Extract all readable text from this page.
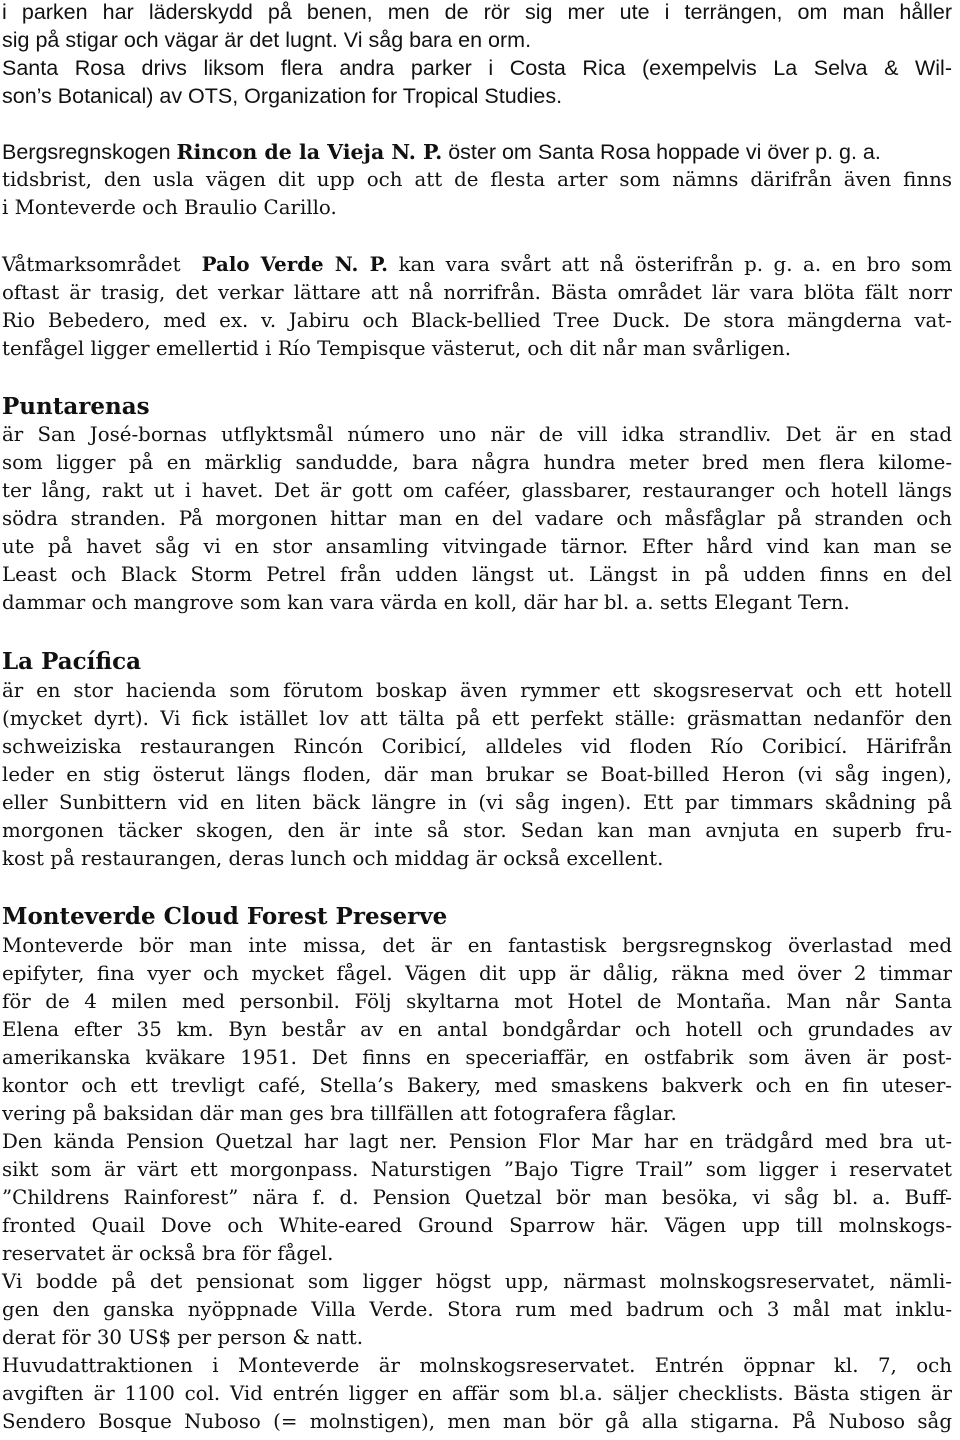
i parken har läderskydd på benen, men de rör sig mer ute i terrängen, om man håller
sig på stigar och vägar är det lugnt. Vi såg bara en orm.
Santa Rosa drivs liksom flera andra parker i Costa Rica (exempelvis La Selva & Wil-
son’s Botanical) av OTS, Organization for Tropical Studies.
Bergsregnskogen Rincon de la Vieja N. P. öster om Santa Rosa hoppade vi över p. g. a.
tidsbrist, den usla vägen dit upp och att de flesta arter som nämns därifrån även finns
i Monteverde och Braulio Carillo.
Våtmarksområdet  Palo Verde N. P. kan vara svårt att nå österifrån p. g. a. en bro som
oftast är trasig, det verkar lättare att nå norrifrån. Bästa området lär vara blöta fält norr
Rio Bebedero, med ex. v. Jabiru och Black-bellied Tree Duck. De stora mängderna vat-
tenfågel ligger emellertid i Río Tempisque västerut, och dit når man svårligen.
Puntarenas
är San José-bornas utflyktsmål número uno när de vill idka strandliv. Det är en stad
som ligger på en märklig sandudde, bara några hundra meter bred men flera kilome-
ter lång, rakt ut i havet. Det är gott om caféer, glassbarer, restauranger och hotell längs
södra stranden. På morgonen hittar man en del vadare och måsfåglar på stranden och
ute på havet såg vi en stor ansamling vitvingade tärnor. Efter hård vind kan man se
Least och Black Storm Petrel från udden längst ut. Längst in på udden finns en del
dammar och mangrove som kan vara värda en koll, där har bl. a. setts Elegant Tern.
La Pacífica
är en stor hacienda som förutom boskap även rymmer ett skogsreservat och ett hotell
(mycket dyrt). Vi fick istället lov att tälta på ett perfekt ställe: gräsmattan nedanför den
schweiziska restaurangen Rincón Coribicí, alldeles vid floden Río Coribicí. Härifrån
leder en stig österut längs floden, där man brukar se Boat-billed Heron (vi såg ingen),
eller Sunbittern vid en liten bäck längre in (vi såg ingen). Ett par timmars skådning på
morgonen täcker skogen, den är inte så stor. Sedan kan man avnjuta en superb fru-
kost på restaurangen, deras lunch och middag är också excellent.
Monteverde Cloud Forest Preserve
Monteverde bör man inte missa, det är en fantastisk bergsregnskog överlastad med
epifyter, fina vyer och mycket fågel. Vägen dit upp är dålig, räkna med över 2 timmar
för de 4 milen med personbil. Följ skyltarna mot Hotel de Montaña. Man når Santa
Elena efter 35 km. Byn består av en antal bondgårdar och hotell och grundades av
amerikanska kväkare 1951. Det finns en speceriaffär, en ostfabrik som även är post-
kontor och ett trevligt café, Stella’s Bakery, med smaskens bakverk och en fin uteser-
vering på baksidan där man ges bra tillfällen att fotografera fåglar.
Den kända Pension Quetzal har lagt ner. Pension Flor Mar har en trädgård med bra ut-
sikt som är värt ett morgonpass. Naturstigen ”Bajo Tigre Trail” som ligger i reservatet
”Childrens Rainforest” nära f. d. Pension Quetzal bör man besöka, vi såg bl. a. Buff-
fronted Quail Dove och White-eared Ground Sparrow här. Vägen upp till molnskogs-
reservatet är också bra för fågel.
Vi bodde på det pensionat som ligger högst upp, närmast molnskogsreservatet, nämli-
gen den ganska nyöppnade Villa Verde. Stora rum med badrum och 3 mål mat inklu-
derat för 30 US$ per person & natt.
Huvudattraktionen i Monteverde är molnskogsreservatet. Entrén öppnar kl. 7, och
avgiften är 1100 col. Vid entrén ligger en affär som bl.a. säljer checklists. Bästa stigen är
Sendero Bosque Nuboso (= molnstigen), men man bör gå alla stigarna. På Nuboso såg
